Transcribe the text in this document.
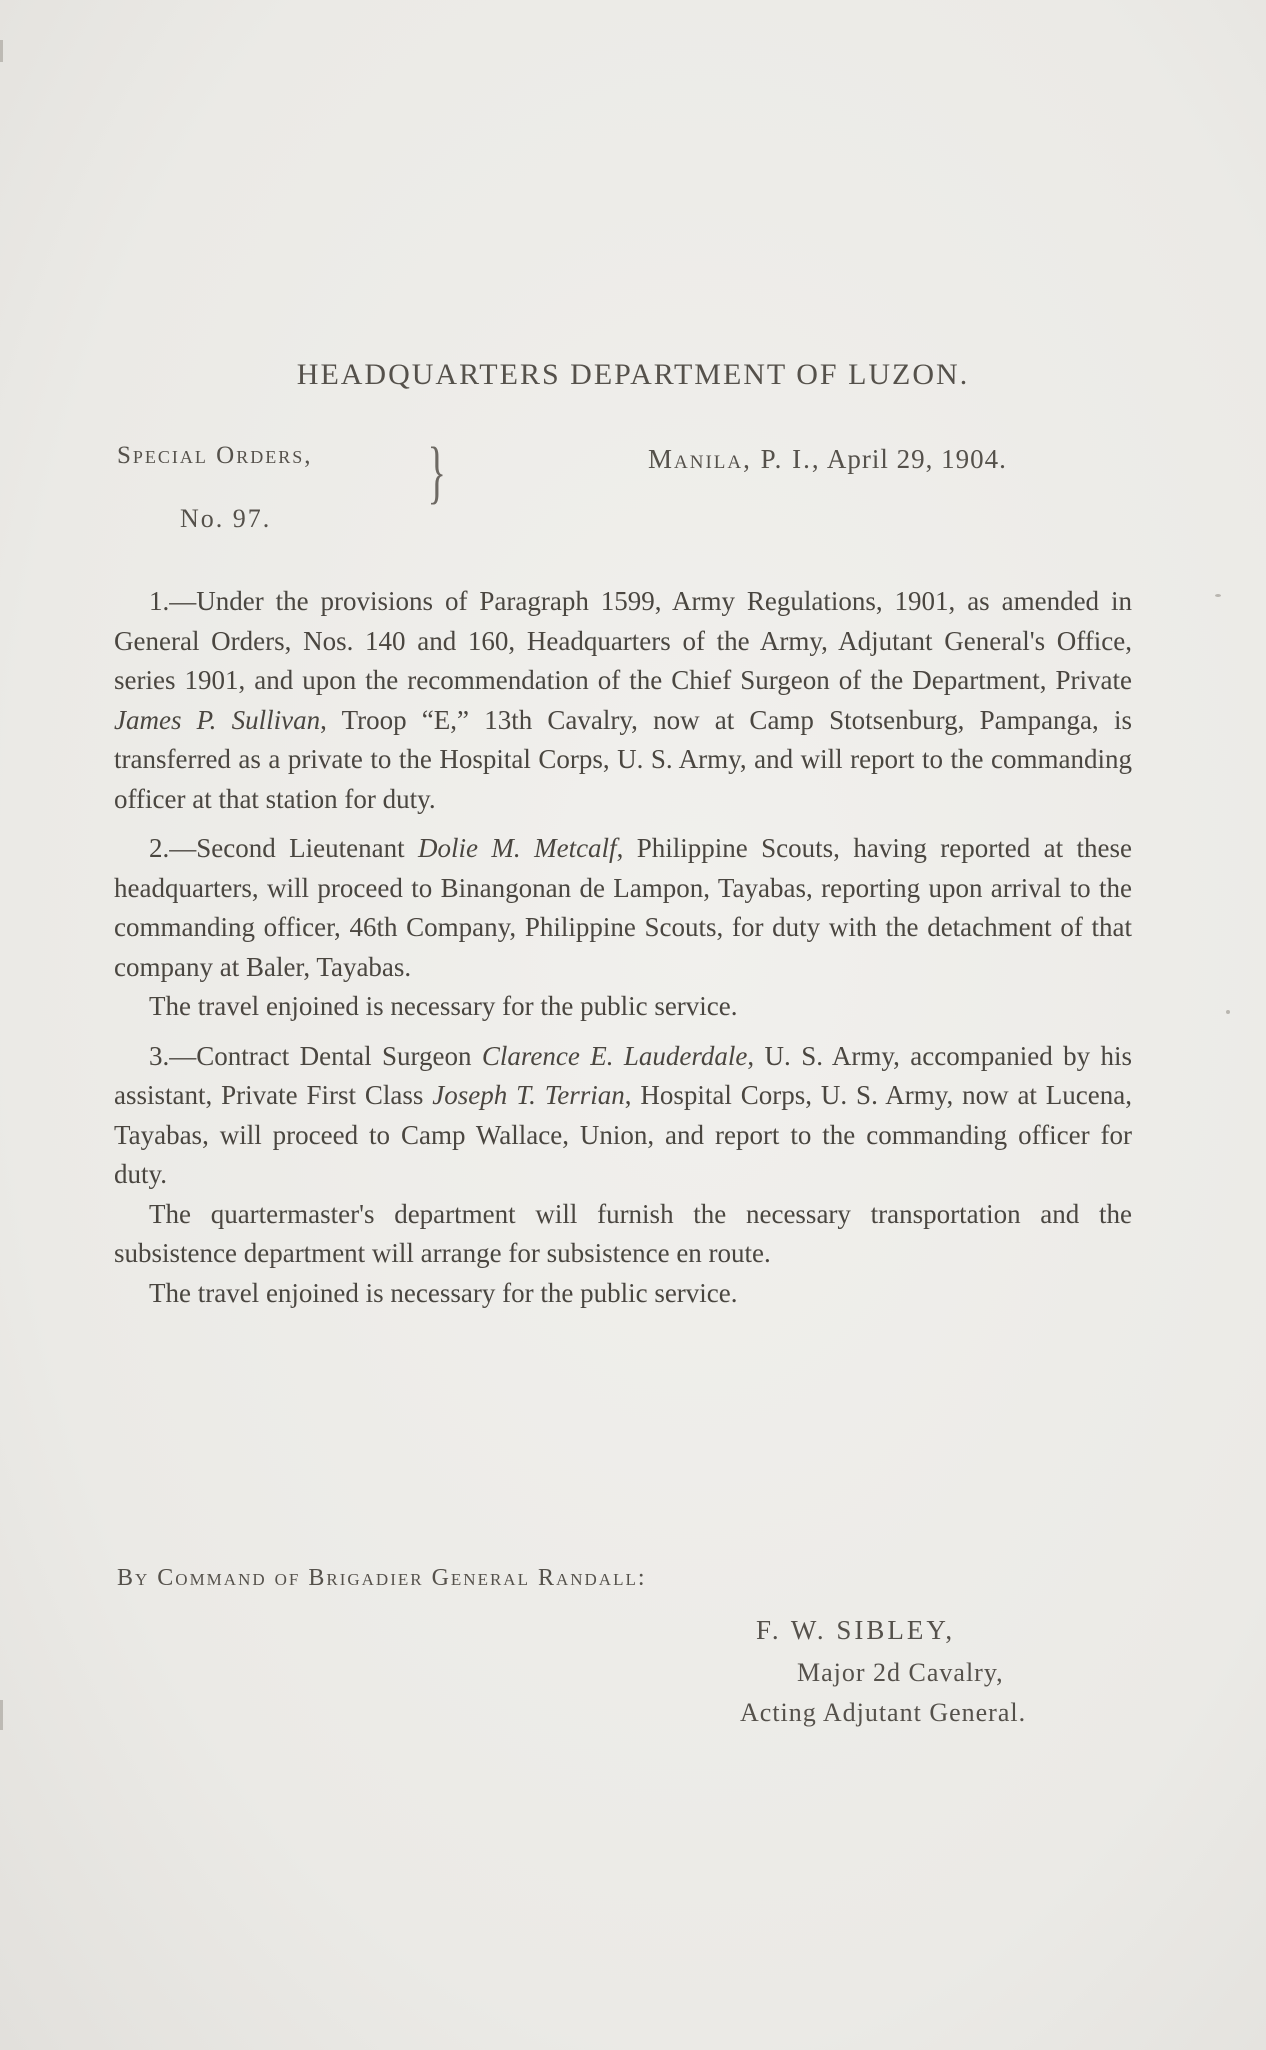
HEADQUARTERS DEPARTMENT OF LUZON.
Special Orders,
No. 97.
}	Manila, P. I., April 29, 1904.

1.—Under the provisions of Paragraph 1599, Army Regulations, 1901, as amended in General Orders, Nos. 140 and 160, Headquarters of the Army, Adjutant General's Office, series 1901, and upon the recommendation of the Chief Surgeon of the Department, Private James P. Sullivan, Troop “E,” 13th Cavalry, now at Camp Stotsenburg, Pampanga, is transferred as a private to the Hospital Corps, U. S. Army, and will report to the commanding officer at that station for duty.

2.—Second Lieutenant Dolie M. Metcalf, Philippine Scouts, having reported at these headquarters, will proceed to Binangonan de Lampon, Tayabas, reporting upon arrival to the commanding officer, 46th Company, Philippine Scouts, for duty with the detachment of that company at Baler, Tayabas.

The travel enjoined is necessary for the public service.

3.—Contract Dental Surgeon Clarence E. Lauderdale, U. S. Army, accompanied by his assistant, Private First Class Joseph T. Terrian, Hospital Corps, U. S. Army, now at Lucena, Tayabas, will proceed to Camp Wallace, Union, and report to the commanding officer for duty.

The quartermaster's department will furnish the necessary transportation and the subsistence department will arrange for subsistence en route.

The travel enjoined is necessary for the public service.

By Command of Brigadier General Randall:
F. W. SIBLEY,
Major 2d Cavalry,
Acting Adjutant General.
